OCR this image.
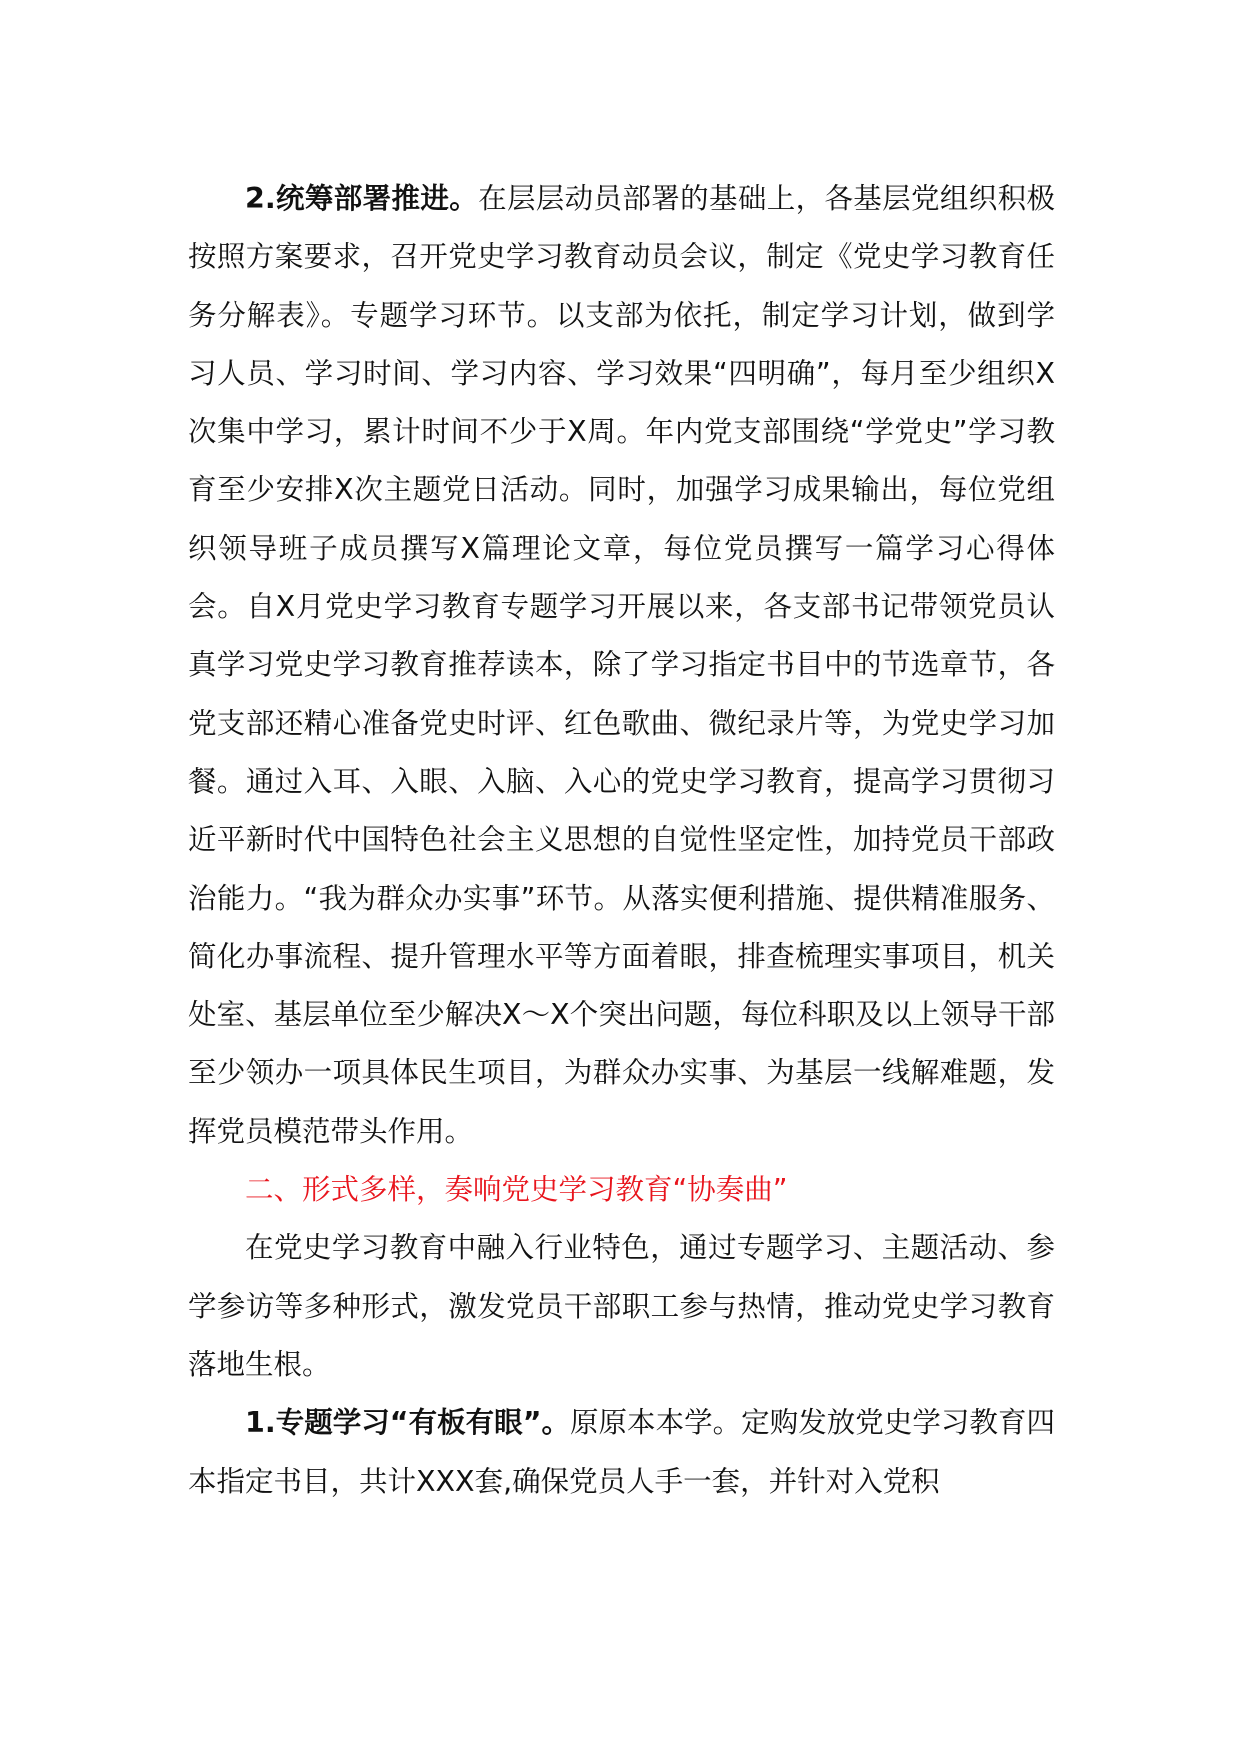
2.统筹部署推进。在层层动员部署的基础上，各基层党组织积极按照方案要求，召开党史学习教育动员会议，制定《党史学习教育任务分解表》。专题学习环节。以支部为依托，制定学习计划，做到学习人员、学习时间、学习内容、学习效果“四明确”，每月至少组织X次集中学习，累计时间不少于X周。年内党支部围绕“学党史”学习教育至少安排X次主题党日活动。同时，加强学习成果输出，每位党组织领导班子成员撰写X篇理论文章，每位党员撰写一篇学习心得体会。自X月党史学习教育专题学习开展以来，各支部书记带领党员认真学习党史学习教育推荐读本，除了学习指定书目中的节选章节，各党支部还精心准备党史时评、红色歌曲、微纪录片等，为党史学习加餐。通过入耳、入眼、入脑、入心的党史学习教育，提高学习贯彻习近平新时代中国特色社会主义思想的自觉性坚定性，加持党员干部政治能力。“我为群众办实事”环节。从落实便利措施、提供精准服务、简化办事流程、提升管理水平等方面着眼，排查梳理实事项目，机关处室、基层单位至少解决X～X个突出问题，每位科职及以上领导干部至少领办一项具体民生项目，为群众办实事、为基层一线解难题，发挥党员模范带头作用。

二、形式多样，奏响党史学习教育“协奏曲”

在党史学习教育中融入行业特色，通过专题学习、主题活动、参学参访等多种形式，激发党员干部职工参与热情，推动党史学习教育落地生根。

1.专题学习“有板有眼”。原原本本学。定购发放党史学习教育四本指定书目，共计XXX套,确保党员人手一套，并针对入党积
